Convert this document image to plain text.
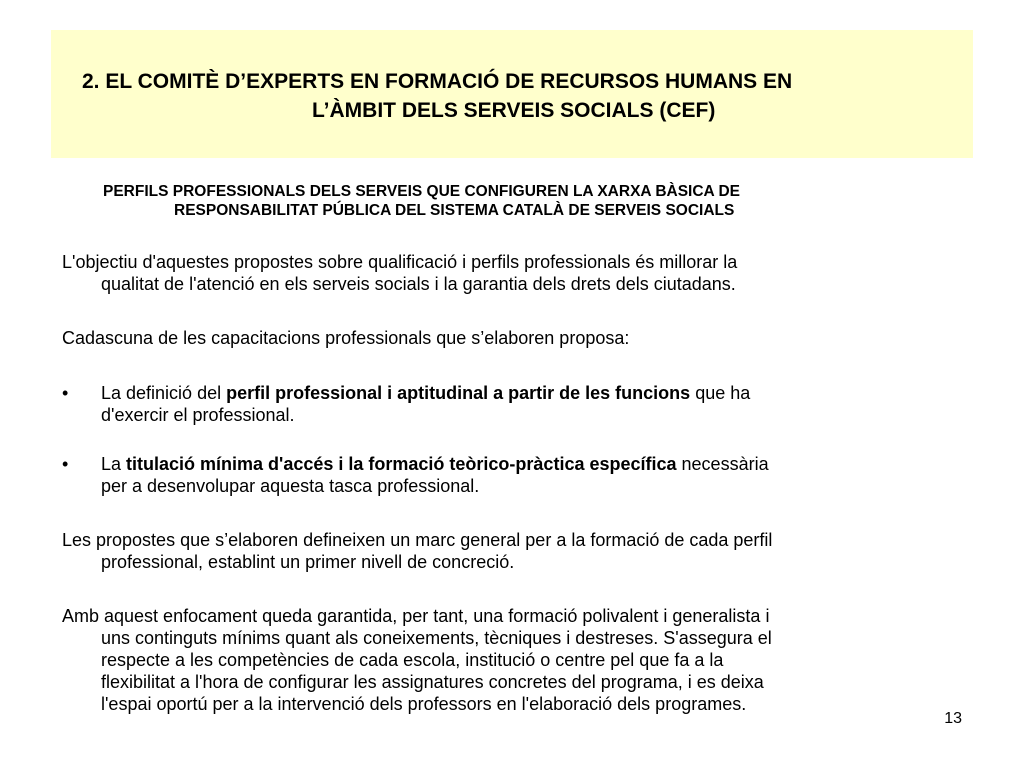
2. EL COMITÈ D’EXPERTS EN FORMACIÓ DE RECURSOS HUMANS EN
L’ÀMBIT DELS SERVEIS SOCIALS (CEF)
PERFILS PROFESSIONALS DELS SERVEIS QUE CONFIGUREN LA XARXA BÀSICA DE
RESPONSABILITAT PÚBLICA DEL SISTEMA CATALÀ DE SERVEIS SOCIALS

L'objectiu d'aquestes propostes sobre qualificació i perfils professionals és millorar la
qualitat de l'atenció en els serveis socials i la garantia dels drets dels ciutadans.

Cadascuna de les capacitacions professionals que s’elaboren proposa:

•	La definició del perfil professional i aptitudinal a partir de les funcions que ha
d'exercir el professional.
•	La titulació mínima d'accés i la formació teòrico-pràctica específica necessària
per a desenvolupar aquesta tasca professional.

Les propostes que s’elaboren defineixen un marc general per a la formació de cada perfil
professional, establint un primer nivell de concreció.

Amb aquest enfocament queda garantida, per tant, una formació polivalent i generalista i
uns continguts mínims quant als coneixements, tècniques i destreses. S'assegura el
respecte a les competències de cada escola, institució o centre pel que fa a la
flexibilitat a l'hora de configurar les assignatures concretes del programa, i es deixa
l'espai oportú per a la intervenció dels professors en l'elaboració dels programes.

13
